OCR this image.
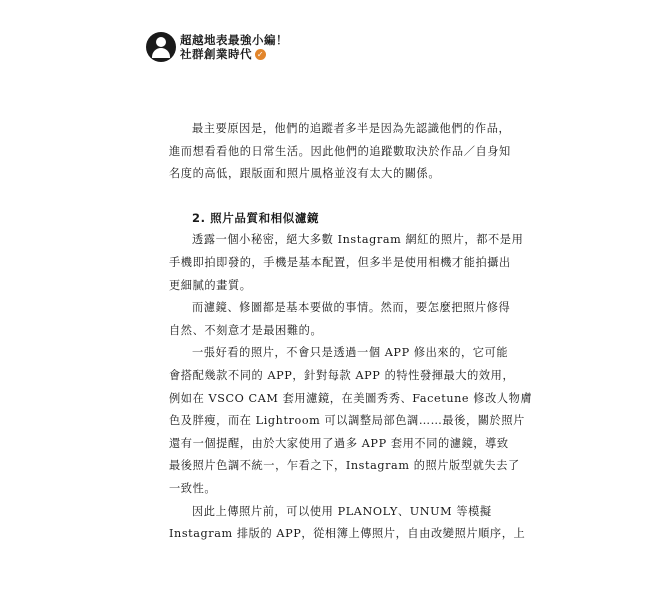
超越地表最強小編！
社群創業時代 ✓
最主要原因是，他們的追蹤者多半是因為先認識他們的作品，
進而想看看他的日常生活。因此他們的追蹤數取決於作品／自身知
名度的高低，跟版面和照片風格並沒有太大的關係。
2. 照片品質和相似濾鏡
透露一個小秘密，絕大多數 Instagram 網紅的照片，都不是用
手機即拍即發的，手機是基本配置，但多半是使用相機才能拍攝出
更細膩的畫質。
而濾鏡、修圖都是基本要做的事情。然而，要怎麼把照片修得
自然、不刻意才是最困難的。
一張好看的照片，不會只是透過一個 APP 修出來的，它可能
會搭配幾款不同的 APP，針對每款 APP 的特性發揮最大的效用，
例如在 VSCO CAM 套用濾鏡，在美圖秀秀、Facetune 修改人物膚
色及胖瘦，而在 Lightroom 可以調整局部色調……最後，關於照片
還有一個提醒，由於大家使用了過多 APP 套用不同的濾鏡，導致
最後照片色調不統一，乍看之下，Instagram 的照片版型就失去了
一致性。
因此上傳照片前，可以使用 PLANOLY、UNUM 等模擬
Instagram 排版的 APP，從相簿上傳照片，自由改變照片順序，上
